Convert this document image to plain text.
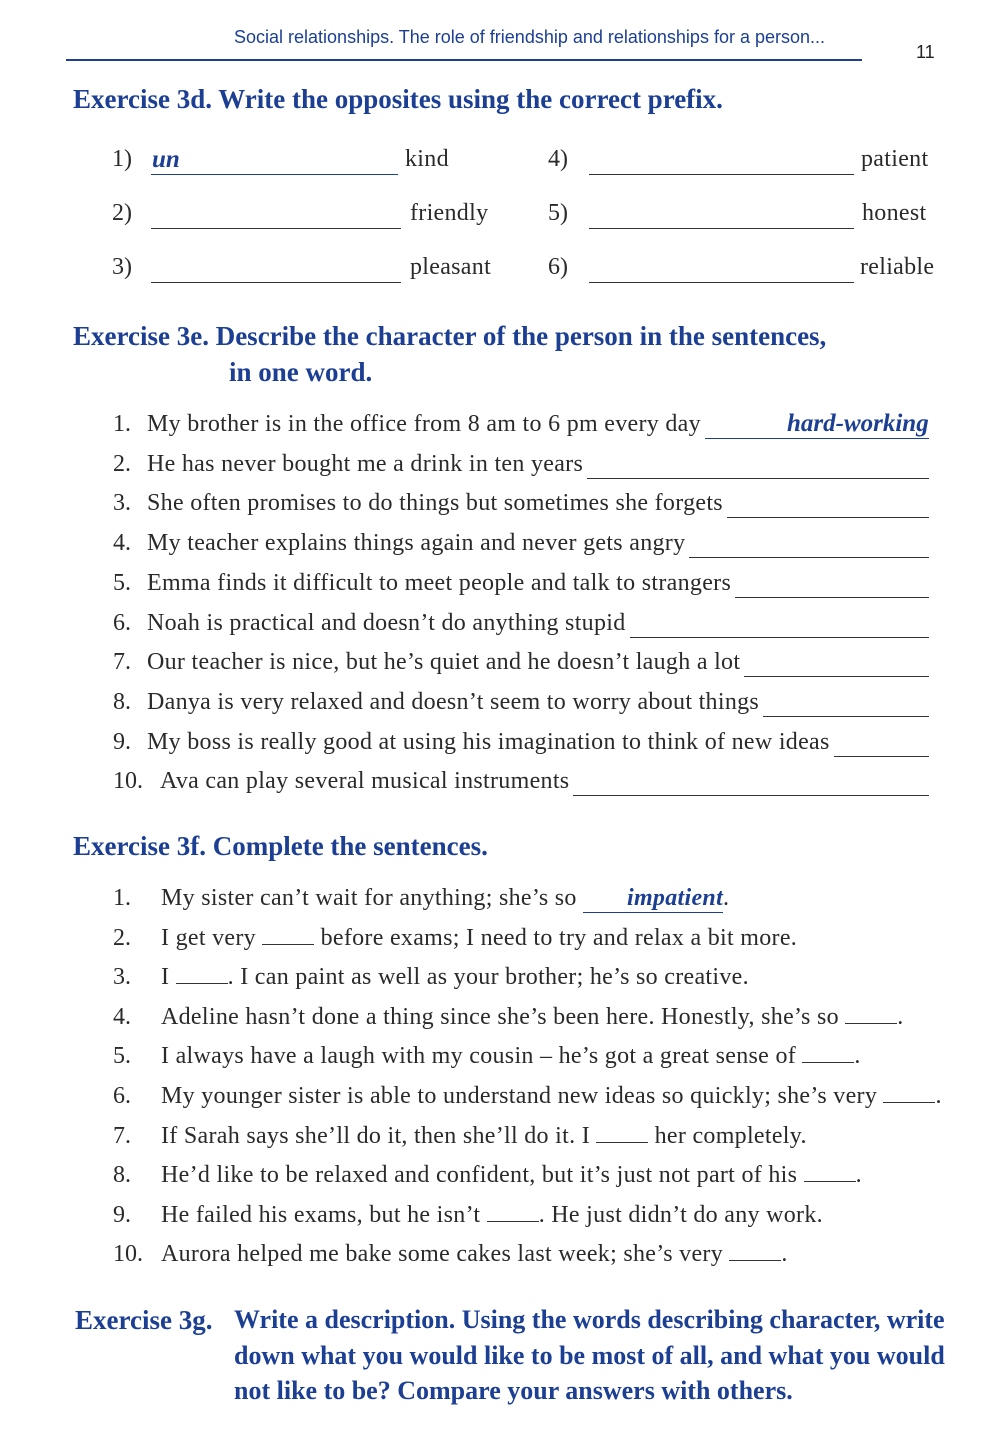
Social relationships. The role of friendship and relationships for a person...
11
Exercise 3d. Write the opposites using the correct prefix.
1) un	kind
2)	friendly
3)	pleasant
4)	patient
5)	honest
6)	reliable
Exercise 3e. Describe the character of the person in the sentences,
in one word.
1. My brother is in the office from 8 am to 6 pm every day
2. He has never bought me a drink in ten years
3. She often promises to do things but sometimes she forgets
4. My teacher explains things again and never gets angry
5. Emma finds it difficult to meet people and talk to strangers
6. Noah is practical and doesn’t do anything stupid
7. Our teacher is nice, but he’s quiet and he doesn’t laugh a lot
8. Danya is very relaxed and doesn’t seem to worry about things
9. My boss is really good at using his imagination to think of new ideas
10. Ava can play several musical instruments
hard-working
Exercise 3f. Complete the sentences.
1. My sister can’t wait for anything; she’s so impatient.
2. I get very  before exams; I need to try and relax a bit more.
3. I . I can paint as well as your brother; he’s so creative.
4. Adeline hasn’t done a thing since she’s been here. Honestly, she’s so .
5. I always have a laugh with my cousin – he’s got a great sense of .
6. My younger sister is able to understand new ideas so quickly; she’s very .
7. If Sarah says she’ll do it, then she’ll do it. I  her completely.
8. He’d like to be relaxed and confident, but it’s just not part of his .
9. He failed his exams, but he isn’t . He just didn’t do any work.
10. Aurora helped me bake some cakes last week; she’s very .
Exercise 3g. Write a description. Using the words describing character, write
down what you would like to be most of all, and what you would
not like to be? Compare your answers with others.
